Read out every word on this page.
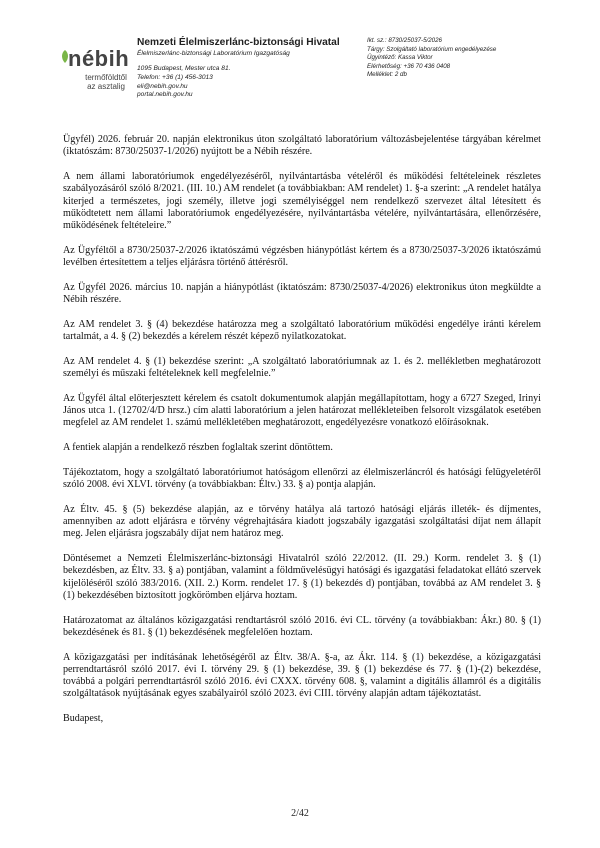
nébih
termőföldtől az asztalig
Nemzeti Élelmiszerlánc-biztonsági Hivatal
Élelmiszerlánc-biztonsági Laboratórium Igazgatóság
1095 Budapest, Mester utca 81.
Telefon: +36 (1) 456-3013
eli@nebih.gov.hu
portal.nebih.gov.hu
Ikt. sz.: 8730/25037-5/2026
Tárgy: Szolgáltató laboratórium engedélyezése
Ügyintéző: Kassa Viktor
Elérhetőség: +36 70 436 0408
Melléklet: 2 db

Ügyfél) 2026. február 20. napján elektronikus úton szolgáltató laboratórium változásbejelentése tárgyában kérelmet (iktatószám: 8730/25037-1/2026) nyújtott be a Nébih részére.

A nem állami laboratóriumok engedélyezéséről, nyilvántartásba vételéről és működési feltételeinek részletes szabályozásáról szóló 8/2021. (III. 10.) AM rendelet (a továbbiakban: AM rendelet) 1. §-a szerint: „A rendelet hatálya kiterjed a természetes, jogi személy, illetve jogi személyiséggel nem rendelkező szervezet által létesített és működtetett nem állami laboratóriumok engedélyezésére, nyilvántartásba vételére, nyilvántartására, ellenőrzésére, működésének feltételeire.”

Az Ügyféltől a 8730/25037-2/2026 iktatószámú végzésben hiánypótlást kértem és a 8730/25037-3/2026 iktatószámú levélben értesítettem a teljes eljárásra történő áttérésről.

Az Ügyfél 2026. március 10. napján a hiánypótlást (iktatószám: 8730/25037-4/2026) elektronikus úton megküldte a Nébih részére.

Az AM rendelet 3. § (4) bekezdése határozza meg a szolgáltató laboratórium működési engedélye iránti kérelem tartalmát, a 4. § (2) bekezdés a kérelem részét képező nyilatkozatokat.

Az AM rendelet 4. § (1) bekezdése szerint: „A szolgáltató laboratóriumnak az 1. és 2. mellékletben meghatározott személyi és műszaki feltételeknek kell megfelelnie.”

Az Ügyfél által előterjesztett kérelem és csatolt dokumentumok alapján megállapítottam, hogy a 6727 Szeged, Irinyi János utca 1. (12702/4/D hrsz.) cím alatti laboratórium a jelen határozat mellékleteiben felsorolt vizsgálatok esetében megfelel az AM rendelet 1. számú mellékletében meghatározott, engedélyezésre vonatkozó előírásoknak.

A fentiek alapján a rendelkező részben foglaltak szerint döntöttem.

Tájékoztatom, hogy a szolgáltató laboratóriumot hatóságom ellenőrzi az élelmiszerláncról és hatósági felügyeletéről szóló 2008. évi XLVI. törvény (a továbbiakban: Éltv.) 33. § a) pontja alapján.

Az Éltv. 45. § (5) bekezdése alapján, az e törvény hatálya alá tartozó hatósági eljárás illeték- és díjmentes, amennyiben az adott eljárásra e törvény végrehajtására kiadott jogszabály igazgatási szolgáltatási díjat nem állapít meg. Jelen eljárásra jogszabály díjat nem határoz meg.

Döntésemet a Nemzeti Élelmiszerlánc-biztonsági Hivatalról szóló 22/2012. (II. 29.) Korm. rendelet 3. § (1) bekezdésben, az Éltv. 33. § a) pontjában, valamint a földművelésügyi hatósági és igazgatási feladatokat ellátó szervek kijelöléséről szóló 383/2016. (XII. 2.) Korm. rendelet 17. § (1) bekezdés d) pontjában, továbbá az AM rendelet 3. § (1) bekezdésében biztosított jogkörömben eljárva hoztam.

Határozatomat az általános közigazgatási rendtartásról szóló 2016. évi CL. törvény (a továbbiakban: Ákr.) 80. § (1) bekezdésének és 81. § (1) bekezdésének megfelelően hoztam.

A közigazgatási per indításának lehetőségéről az Éltv. 38/A. §-a, az Ákr. 114. § (1) bekezdése, a közigazgatási perrendtartásról szóló 2017. évi I. törvény 29. § (1) bekezdése, 39. § (1) bekezdése és 77. § (1)-(2) bekezdése, továbbá a polgári perrendtartásról szóló 2016. évi CXXX. törvény 608. §, valamint a digitális államról és a digitális szolgáltatások nyújtásának egyes szabályairól szóló 2023. évi CIII. törvény alapján adtam tájékoztatást.

Budapest,

2/42
